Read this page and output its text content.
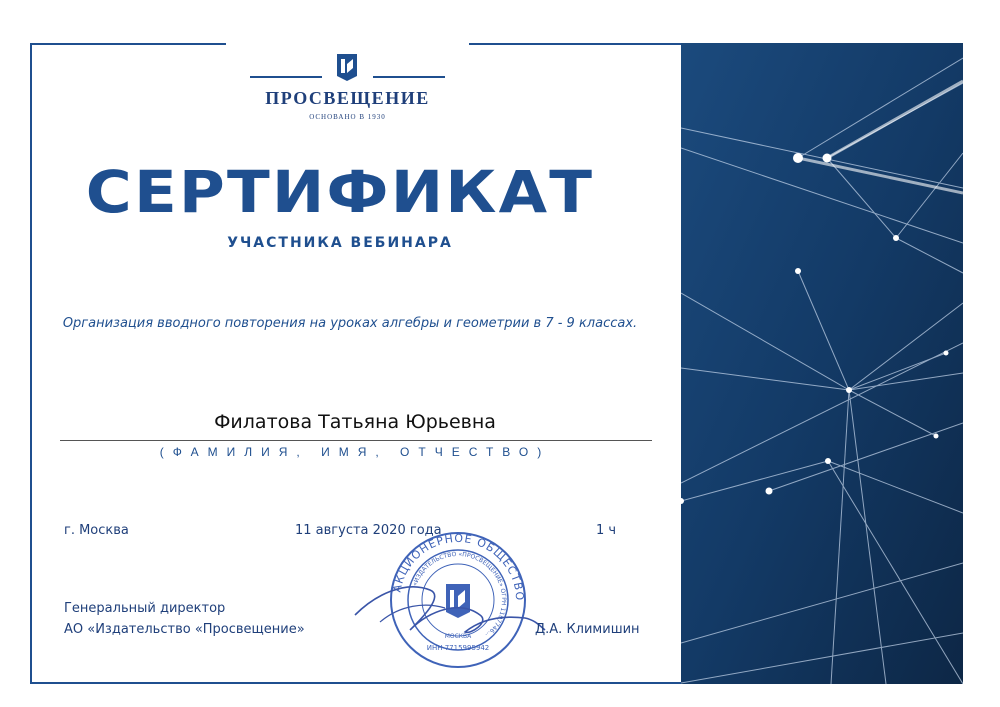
ПРОСВЕЩЕНИЕ
ОСНОВАНО В 1930
СЕРТИФИКАТ
УЧАСТНИКА ВЕБИНАРА
Организация вводного повторения на уроках алгебры и геометрии в 7 - 9 классах.
Филатова Татьяна Юрьевна
(ФАМИЛИЯ, ИМЯ, ОТЧЕСТВО)
г. Москва	11 августа 2020 года	1 ч
АКЦИОНЕРНОЕ ОБЩЕСТВО
«ИЗДАТЕЛЬСТВО «ПРОСВЕЩЕНИЕ» ОГРН 1107746...
МОСКВА
ИНН 7715995942
Генеральный директор
АО «Издательство «Просвещение»	Д.А. Климишин
